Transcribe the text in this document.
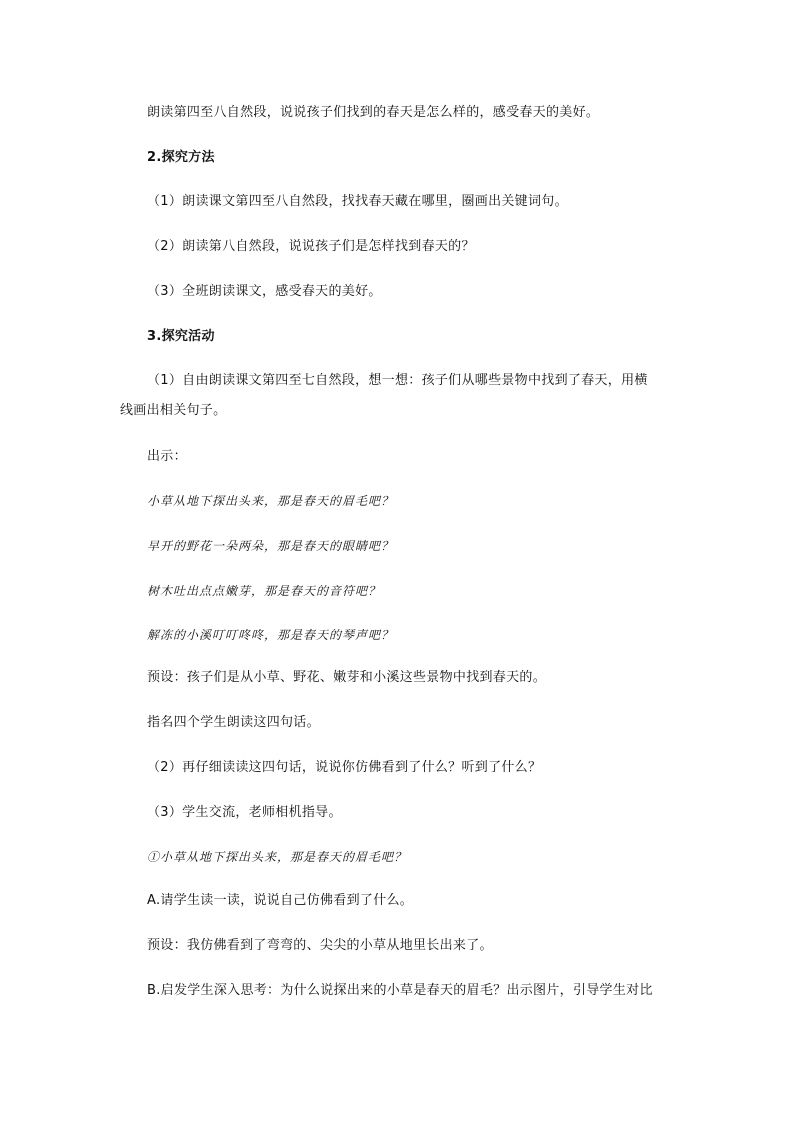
朗读第四至八自然段，说说孩子们找到的春天是怎么样的，感受春天的美好。
2.探究方法
（1）朗读课文第四至八自然段，找找春天藏在哪里，圈画出关键词句。
（2）朗读第八自然段，说说孩子们是怎样找到春天的？
（3）全班朗读课文，感受春天的美好。
3.探究活动
（1）自由朗读课文第四至七自然段，想一想：孩子们从哪些景物中找到了春天，用横
线画出相关句子。
出示：
小草从地下探出头来，那是春天的眉毛吧？
早开的野花一朵两朵，那是春天的眼睛吧？
树木吐出点点嫩芽，那是春天的音符吧？
解冻的小溪叮叮咚咚，那是春天的琴声吧？
预设：孩子们是从小草、野花、嫩芽和小溪这些景物中找到春天的。
指名四个学生朗读这四句话。
（2）再仔细读读这四句话，说说你仿佛看到了什么？听到了什么？
（3）学生交流，老师相机指导。
①小草从地下探出头来，那是春天的眉毛吧？
A.请学生读一读，说说自己仿佛看到了什么。
预设：我仿佛看到了弯弯的、尖尖的小草从地里长出来了。
B.启发学生深入思考：为什么说探出来的小草是春天的眉毛？出示图片，引导学生对比
